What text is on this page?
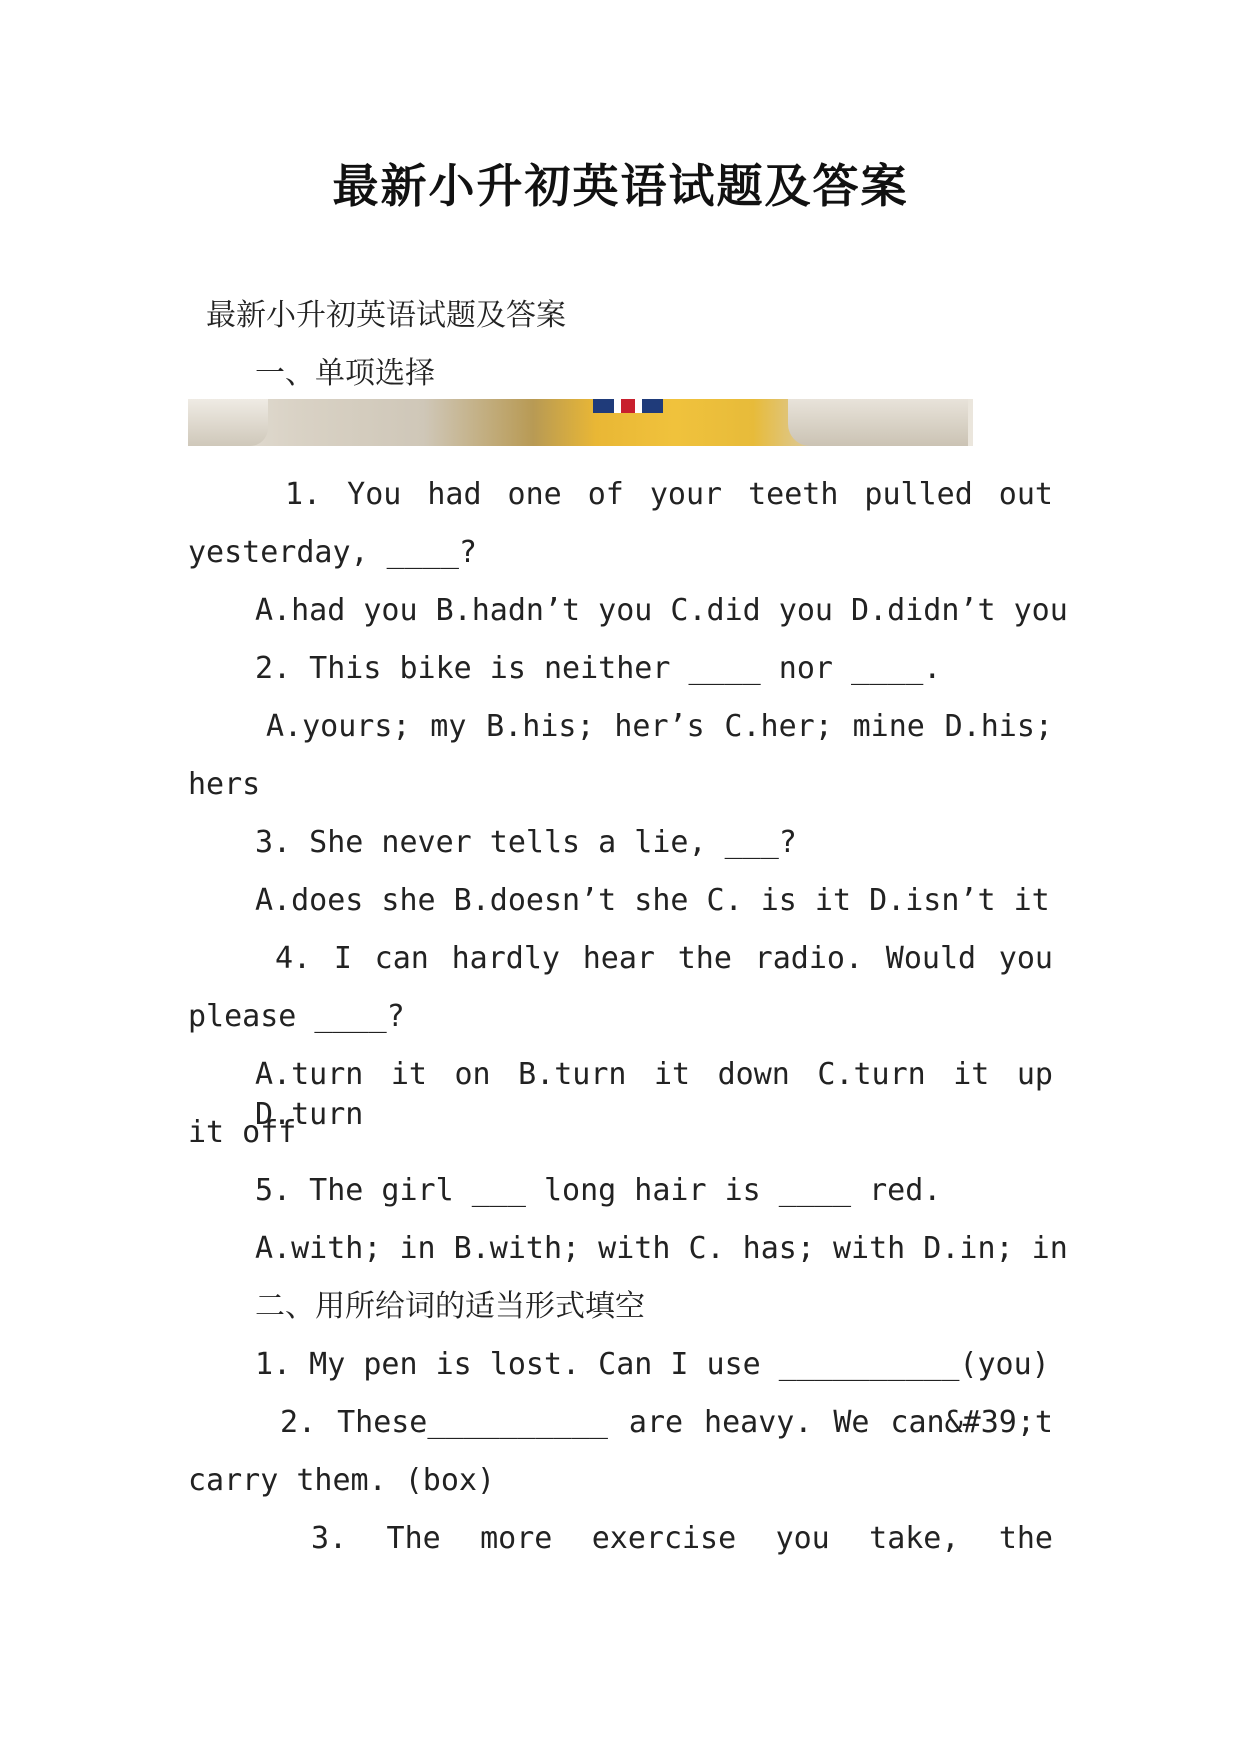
最新小升初英语试题及答案
最新小升初英语试题及答案
一、单项选择
1. You had one of your teeth pulled out
yesterday, ____?
A.had you B.hadn’t you C.did you D.didn’t you
2. This bike is neither ____ nor ____.
A.yours; my B.his; her’s C.her; mine D.his;
hers
3. She never tells a lie, ___?
A.does she B.doesn’t she C. is it D.isn’t it
4. I can hardly hear the radio. Would you
please ____?
A.turn it on B.turn it down C.turn it up D.turn
it off
5. The girl ___ long hair is ____ red.
A.with; in B.with; with C. has; with D.in; in
二、用所给词的适当形式填空
1. My pen is lost. Can I use __________(you)
2. These__________ are heavy. We can&#39;t
carry them. (box)
3. The more exercise you take, the
